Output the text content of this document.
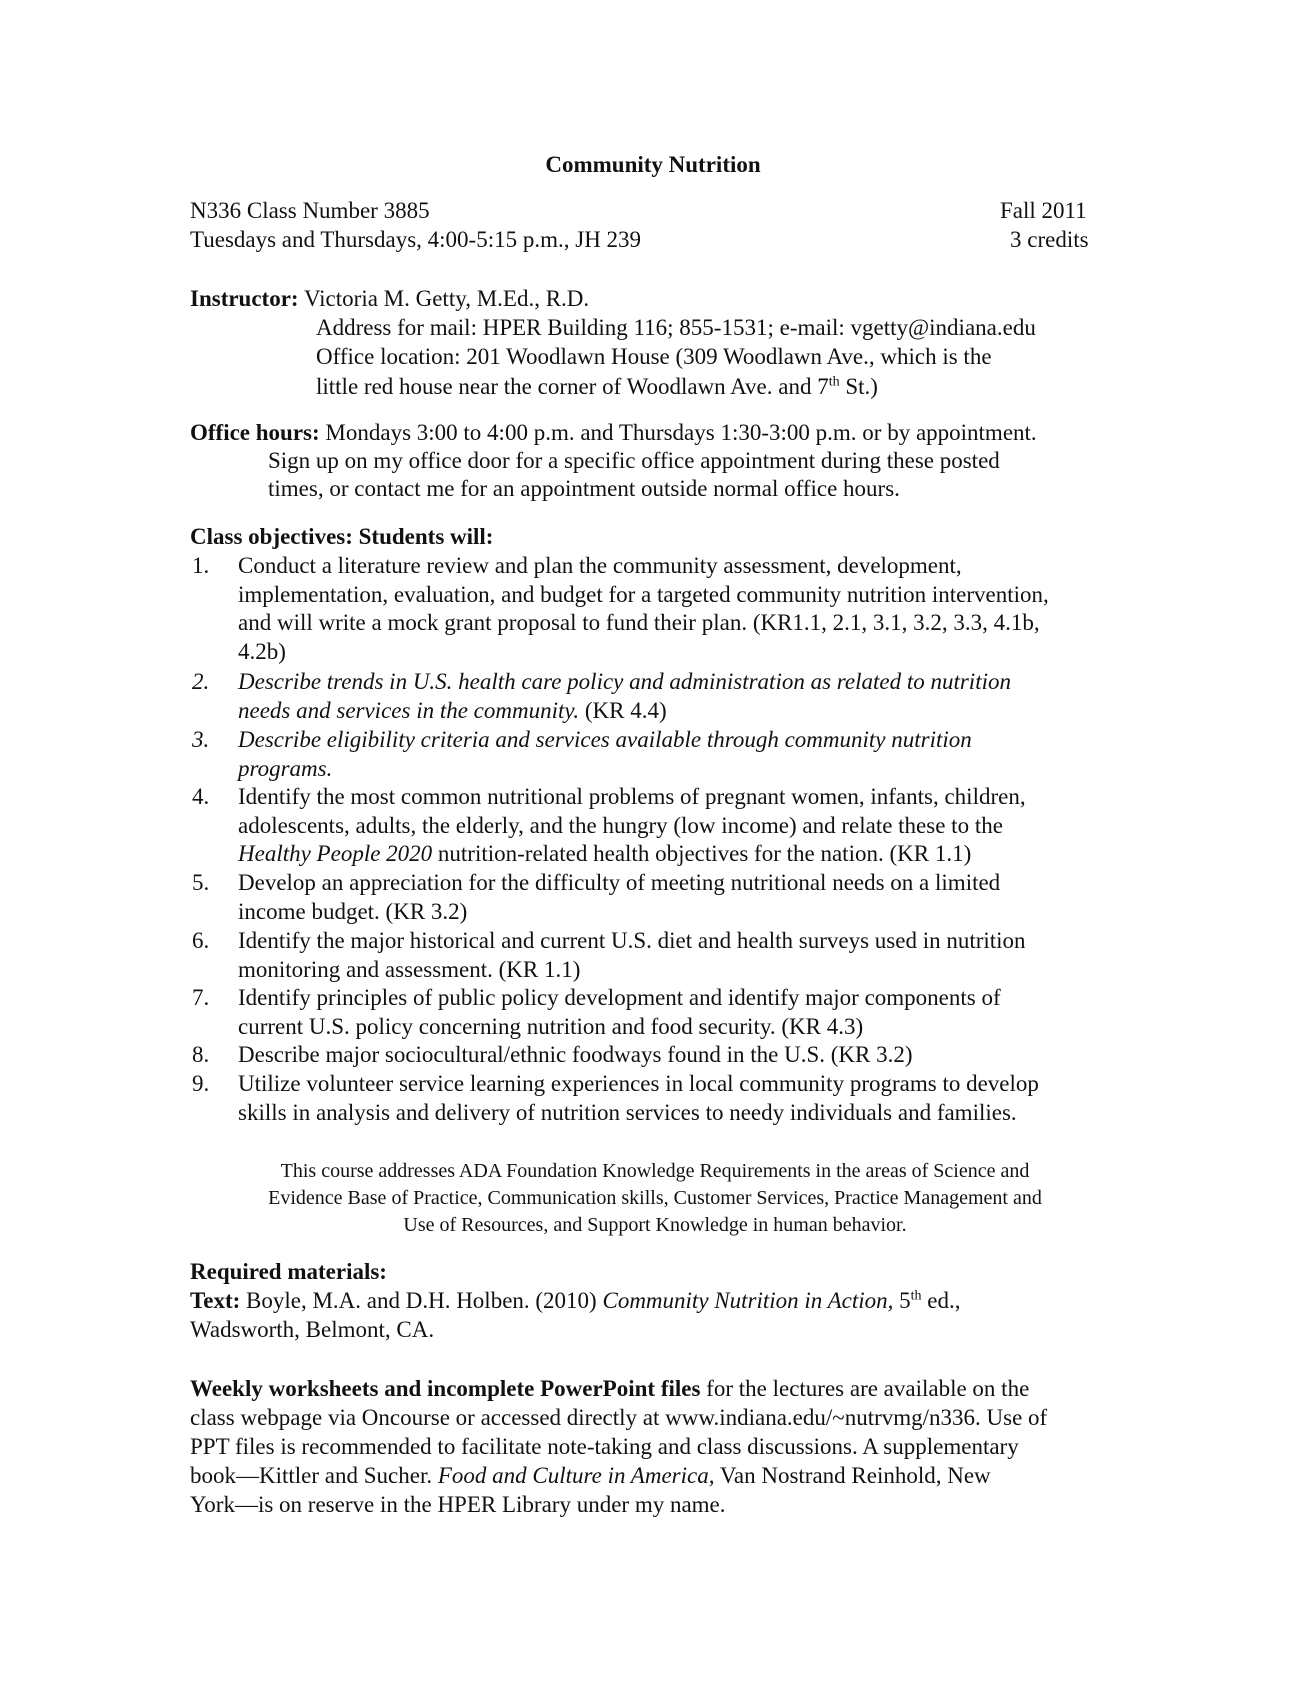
Community Nutrition
N336 Class Number 3885	Fall 2011
Tuesdays and Thursdays, 4:00-5:15 p.m., JH 239	3 credits
Instructor: Victoria M. Getty, M.Ed., R.D.
Address for mail: HPER Building 116; 855-1531; e-mail: vgetty@indiana.edu
Office location: 201 Woodlawn House (309 Woodlawn Ave., which is the
little red house near the corner of Woodlawn Ave. and 7th St.)
Office hours: Mondays 3:00 to 4:00 p.m. and Thursdays 1:30-3:00 p.m. or by appointment.
Sign up on my office door for a specific office appointment during these posted
times, or contact me for an appointment outside normal office hours.
Class objectives: Students will:
1.	Conduct a literature review and plan the community assessment, development,
implementation, evaluation, and budget for a targeted community nutrition intervention,
and will write a mock grant proposal to fund their plan. (KR1.1, 2.1, 3.1, 3.2, 3.3, 4.1b,
4.2b)
2.	Describe trends in U.S. health care policy and administration as related to nutrition
needs and services in the community. (KR 4.4)
3.	Describe eligibility criteria and services available through community nutrition
programs.
4.	Identify the most common nutritional problems of pregnant women, infants, children,
adolescents, adults, the elderly, and the hungry (low income) and relate these to the
Healthy People 2020 nutrition-related health objectives for the nation. (KR 1.1)
5.	Develop an appreciation for the difficulty of meeting nutritional needs on a limited
income budget. (KR 3.2)
6.	Identify the major historical and current U.S. diet and health surveys used in nutrition
monitoring and assessment. (KR 1.1)
7.	Identify principles of public policy development and identify major components of
current U.S. policy concerning nutrition and food security. (KR 4.3)
8.	Describe major sociocultural/ethnic foodways found in the U.S. (KR 3.2)
9.	Utilize volunteer service learning experiences in local community programs to develop
skills in analysis and delivery of nutrition services to needy individuals and families.
This course addresses ADA Foundation Knowledge Requirements in the areas of Science and
Evidence Base of Practice, Communication skills, Customer Services, Practice Management and
Use of Resources, and Support Knowledge in human behavior.
Required materials:
Text: Boyle, M.A. and D.H. Holben. (2010) Community Nutrition in Action, 5th ed.,
Wadsworth, Belmont, CA.
Weekly worksheets and incomplete PowerPoint files for the lectures are available on the
class webpage via Oncourse or accessed directly at www.indiana.edu/~nutrvmg/n336. Use of
PPT files is recommended to facilitate note-taking and class discussions. A supplementary
book—Kittler and Sucher. Food and Culture in America, Van Nostrand Reinhold, New
York—is on reserve in the HPER Library under my name.
